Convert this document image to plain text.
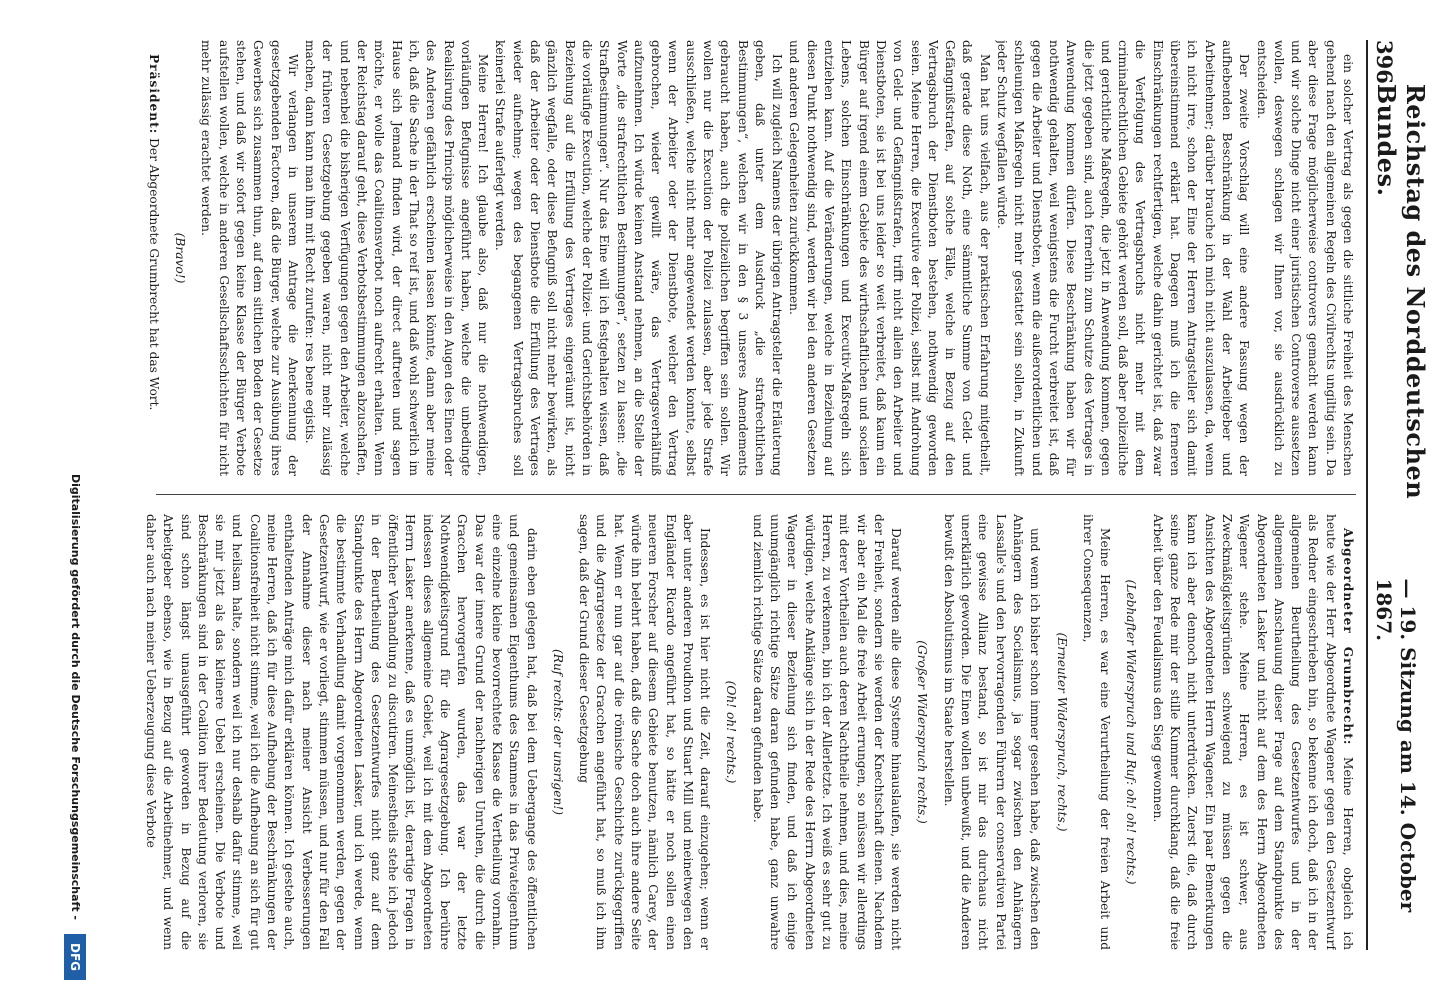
396
Reichstag des Norddeutschen Bundes.
— 19. Sitzung am 14. October 1867.

ein solcher Vertrag als gegen die sittliche Freiheit des Menschen gehend nach den allgemeinen Regeln des Civilrechts ungiltig sein. Da aber diese Frage möglicherweise controvers gemacht werden kann und wir solche Dinge nicht einer juristischen Controverse aussetzen wollen, deswegen schlagen wir Ihnen vor, sie ausdrücklich zu entscheiden.

Der zweite Vorschlag will eine andere Fassung wegen der aufhebenden Beschränkung in der Wahl der Arbeitgeber und Arbeitnehmer; darüber brauche ich mich nicht auszulassen, da, wenn ich nicht irre, schon der Eine der Herren Antragsteller sich damit übereinstimmend erklärt hat. Dagegen muß ich die ferneren Einschränkungen rechtfertigen, welche dahin gerichtet ist, daß zwar die Verfolgung des Vertragsbruchs nicht mehr mit dem criminalrechtlichen Gebiete gehört werden soll, daß aber polizeiliche und gerichtliche Maßregeln, die jetzt in Anwendung kommen, gegen die jetzt gegeben sind, auch fernerhin zum Schutze des Vertrages in Anwendung kommen dürfen. Diese Beschränkung haben wir für nothwendig gehalten, weil wenigstens die Furcht verbreitet ist, daß gegen die Arbeiter und Dienstboten, wenn die außerordentlichen und schleunigen Maßregeln nicht mehr gestattet sein sollen, in Zukunft jeder Schutz wegfallen würde.

Man hat uns vielfach, aus der praktischen Erfahrung mitgetheilt, daß gerade diese Noth, eine sämmtliche Summe von Geld- und Gefängnißstrafen, auf solche Fälle, welche in Bezug auf den Vertragsbruch der Dienstboten bestehen, nothwendig geworden seien. Meine Herren, die Executive der Polizei, selbst mit Androhung von Geld- und Gefängnißstrafen, trifft nicht allein den Arbeiter und Dienstboten, sie ist bei uns leider so weit verbreitet, daß kaum ein Bürger auf irgend einem Gebiete des wirthschaftlichen und socialen Lebens, solchen Einschränkungen und Executiv-Maßregeln sich entziehen kann. Auf die Veränderungen, welche in Beziehung auf diesen Punkt nothwendig sind, werden wir bei den anderen Gesetzen und anderen Gelegenheiten zurückkommen.

Ich will zugleich Namens der übrigen Antragsteller die Erläuterung geben, daß unter dem Ausdruck „die strafrechtlichen Bestimmungen“, welchen wir in den § 3 unseres Amendements gebraucht haben, auch die polizeilichen begriffen sein sollen. Wir wollen nur die Execution der Polizei zulassen, aber jede Strafe ausschließen, welche nicht mehr angewendet werden konnte, selbst wenn der Arbeiter oder der Dienstbote, welcher den Vertrag gebrochen, wieder gewillt wäre, das Vertragsverhältniß aufzunehmen. Ich würde keinen Anstand nehmen, an die Stelle der Worte „die strafrechtlichen Bestimmungen“, setzen zu lassen: „die Strafbestimmungen“. Nur das Eine will ich festgehalten wissen, daß die vorläufige Execution, welche der Polizei- und Gerichtsbehörden in Beziehung auf die Erfüllung des Vertrages eingeräumt ist, nicht gänzlich wegfalle, oder diese Befugniß soll nicht mehr bewirken, als daß der Arbeiter oder der Dienstbote die Erfüllung des Vertrages wieder aufnehme; wegen des begangenen Vertragsbruches soll keinerlei Strafe auferlegt werden.

Meine Herren! Ich glaube also, daß nur die nothwendigen, vorläufigen Befugnisse angeführt haben, welche die unbedingte Realisirung des Princips möglicherweise in den Augen des Einen oder des Anderen gefährlich erscheinen lassen könnte, dann aber meine ich, daß die Sache in der That so reif ist, und daß wohl schwerlich im Hause sich Jemand finden wird, der direct auftreten und sagen möchte, er wolle das Coalitionsverbot noch aufrecht erhalten. Wenn der Reichstag darauf geht, diese Verbotsbestimmungen abzuschaffen, und nebenbei die bisherigen Verfügungen gegen den Arbeiter, welche der früheren Gesetzgebung gegeben waren, nicht mehr zulässig machen, dann kann man ihm mit Recht zurufen: res bene egistis.

Wir verlangen in unserem Antrage die Anerkennung der gesetzgebenden Factoren, daß die Bürger, welche zur Ausübung ihres Gewerbes sich zusammen thun, auf dem sittlichen Boden der Gesetze stehen, und daß wir sofort gegen keine Klasse der Bürger Verbote aufstellen wollen, welche in anderen Gesellschaftsschichten für nicht mehr zulässig erachtet werden.

(Bravo!)

Präsident: Der Abgeordnete Grumbrecht hat das Wort.

Abgeordneter Grumbrecht: Meine Herren, obgleich ich heute wie der Herr Abgeordnete Wagener gegen den Gesetzentwurf als Redner eingeschrieben bin, so bekenne ich doch, daß ich in der allgemeinen Beurtheilung des Gesetzentwurfes und in der allgemeinen Anschauung dieser Frage auf dem Standpunkte des Abgeordneten Lasker und nicht auf dem des Herrn Abgeordneten Wagener stehe. Meine Herren, es ist schwer, aus Zweckmäßigkeitsgründen schweigend zu müssen gegen die Ansichten des Abgeordneten Herrn Wagener. Ein paar Bemerkungen kann ich aber dennoch nicht unterdrücken. Zuerst die, daß durch seine ganze Rede mir der stille Kummer durchklang, daß die freie Arbeit über den Feudalismus den Sieg gewonnen.

(Lebhafter Widerspruch und Ruf: oh! oh! rechts.)

Meine Herren, es war eine Verurtheilung der freien Arbeit und ihrer Consequenzen,

(Erneuter Widerspruch, rechts.)

und wenn ich bisher schon immer gesehen habe, daß zwischen den Anhängern des Socialismus, ja sogar zwischen den Anhängern Lassalle's und den hervorragenden Führern der conservativen Partei eine gewisse Allianz bestand, so ist mir das durchaus nicht unerklärlich geworden. Die Einen wollen unbewußt, und die Anderen bewußt den Absolutismus im Staate herstellen.

(Großer Widerspruch rechts.)

Darauf werden alle diese Systeme hinauslaufen, sie werden nicht der Freiheit, sondern sie werden der Knechtschaft dienen. Nachdem wir aber ein Mal die freie Arbeit errungen, so müssen wir allerdings mit derer Vortheilen auch deren Nachtheile nehmen, und dies, meine Herren, zu verkennen, bin ich der Allerletzte. Ich weiß es sehr gut zu würdigen, welche Anklänge sich in der Rede des Herrn Abgeordneten Wagener in dieser Beziehung sich finden, und daß ich einige unumgänglich richtige Sätze daran gefunden habe, ganz unwahre und ziemlich richtige Sätze daran gefunden habe.

(Oh! oh! rechts.)

Indessen, es ist hier nicht die Zeit, darauf einzugehen; wenn er aber unter anderen Proudhon und Stuart Mill und meinetwegen den Engländer Ricardo angeführt hat, so hätte er noch sollen einen neueren Forscher auf diesem Gebiete benutzen, nämlich Carey, der würde ihn belehrt haben, daß die Sache doch auch ihre andere Seite hat. Wenn er nun gar auf die römische Geschichte zurückgegriffen und die Agrargesetze der Gracchen angeführt hat, so muß ich ihm sagen, daß der Grund dieser Gesetzgebung

(Ruf rechts: der unsrigen!)

darin eben gelegen hat, daß bei dem Uebergange des öffentlichen und gemeinsamen Eigenthums des Stammes in das Privateigenthum eine einzelne kleine bevorrechtete Klasse die Vertheilung vornahm. Das war der innere Grund der nachherigen Unruhen, die durch die Gracchen hervorgerufen wurden, das war der letzte Nothwendigkeitsgrund für die Agrargesetzgebung. Ich berühre indessen dieses allgemeine Gebiet, weil ich mit dem Abgeordneten Herrn Lasker anerkenne, daß es unmöglich ist, derartige Fragen in öffentlicher Verhandlung zu discutiren. Meinestheils stehe ich jedoch in der Beurtheilung des Gesetzentwurfes nicht ganz auf dem Standpunkte des Herrn Abgeordneten Lasker, und ich werde, wenn die bestimmte Verhandlung damit vorgenommen werden, gegen der Gesetzentwurf, wie er vorliegt, stimmen müssen, und nur für den Fall der Annahme dieser nach meiner Ansicht Verbesserungen enthaltenden Anträge mich dafür erklären können. Ich gestehe auch, meine Herren, daß ich für diese Aufhebung der Beschränkungen der Coalitionsfreiheit nicht stimme, weil ich die Aufhebung an sich für gut und heilsam halte, sondern weil ich nur deshalb dafür stimme, weil sie mir jetzt als das kleinere Uebel erscheinen. Die Verbote und Beschränkungen sind in der Coalition ihrer Bedeutung verloren, sie sind schon längst unausgeführt geworden in Bezug auf die Arbeitgeber ebenso, wie in Bezug auf die Arbeitnehmer, und wenn daher auch nach meiner Ueberzeugung diese Verbote

Digitalisierung gefördert durch die Deutsche Forschungsgemeinschaft -
DFG
